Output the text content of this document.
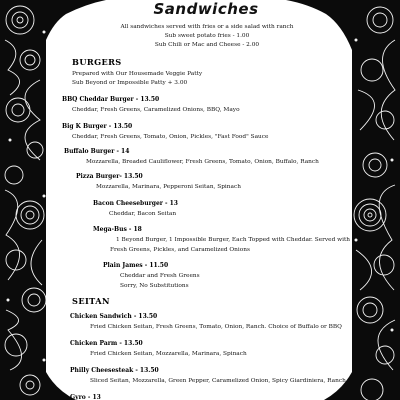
Sandwiches
All sandwiches served with fries or a side salad with ranch
Sub sweet potato fries - 1.00
Sub Chili or Mac and Cheese - 2.00
BURGERS
Prepared with Our Housemade Veggie Patty
Sub Beyond or Impossible Patty + 3.00
BBQ Cheddar Burger - 13.50
Cheddar, Fresh Greens, Caramelized Onions, BBQ, Mayo
Big K Burger - 13.50
Cheddar, Fresh Greens, Tomato, Onion, Pickles, "Fast Food" Sauce
Buffalo Burger - 14
Mozzarella, Breaded Cauliflower, Fresh Greens, Tomato, Onion, Buffalo, Ranch
Pizza Burger- 13.50
Mozzarella, Marinara, Pepperoni Seitan, Spinach
Bacon Cheeseburger - 13
Cheddar, Bacon Seitan
Mega-Bus - 18
1 Beyond Burger, 1 Impossible Burger, Each Topped with Cheddar. Served with
Fresh Greens, Pickles, and Caramelized Onions
Plain James - 11.50
Cheddar and Fresh Greens
Sorry, No Substitutions
SEITAN
Chicken Sandwich - 13.50
Fried Chicken Seitan, Fresh Greens, Tomato, Onion, Ranch. Choice of Buffalo or BBQ
Chicken Parm - 13.50
Fried Chicken Seitan, Mozzarella, Marinara, Spinach
Philly Cheesesteak - 13.50
Sliced Seitan, Mozzarella, Green Pepper, Caramelized Onion, Spicy Giardiniera, Ranch
Gyro - 13
